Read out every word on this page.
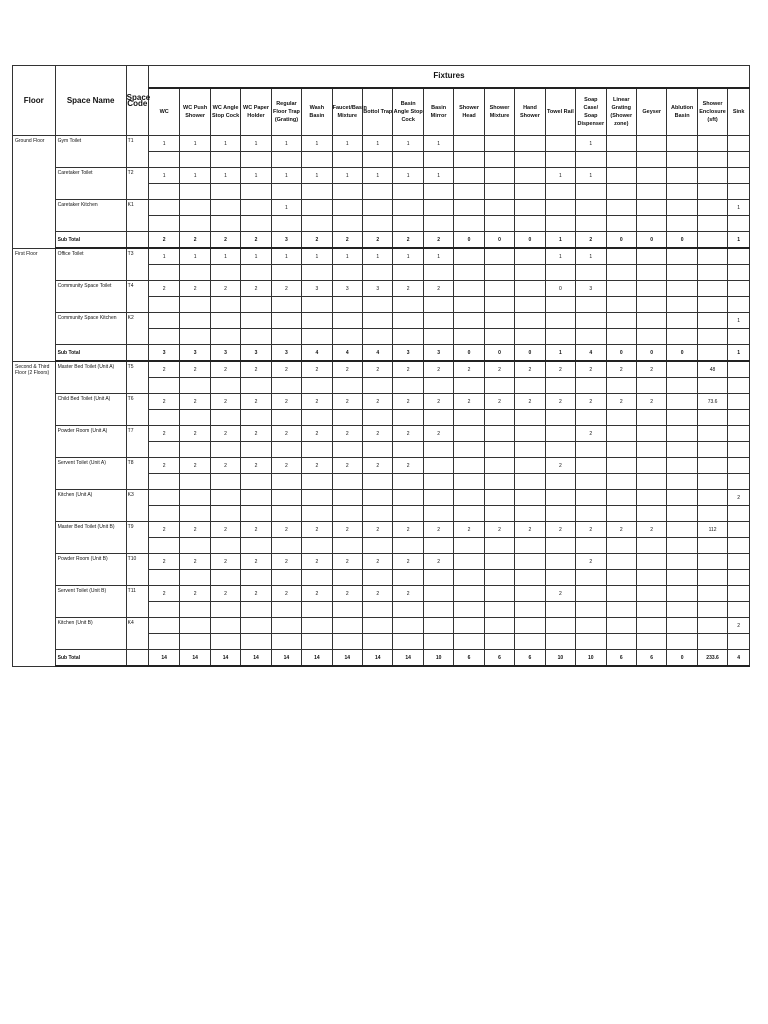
Floor	Space Name	Space Code	Fixtures																			
			WC	WC Push Shower	WC Angle Stop Cock	WC Paper Holder	Regular Floor Trap (Grating)	Wash Basin	Faucet/Basin Mixture	Bottol Trap	Basin Angle Stop Cock	Basin Mirror	Shower Head	Shower Mixture	Hand Shower	Towel Rail	Soap Case/ Soap Dispenser	Linear Grating (Shower zone)	Geyser	Ablution Basin	Shower Enclosure (sft)	Sink
Ground Floor	Gym Toilet	T1	1	1	1	1	1	1	1	1	1	1					1					

	Caretaker Toilet	T2	1	1	1	1	1	1	1	1	1	1				1	1					

	Caretaker Kitchen	K1					1															1

	Sub Total		2	2	2	2	3	2	2	2	2	2	0	0	0	1	2	0	0	0		1
First Floor	Office Toilet	T3	1	1	1	1	1	1	1	1	1	1				1	1					

	Community Space Toilet	T4	2	2	2	2	2	3	3	3	2	2				0	3					

	Community Space Kitchen	K2																				1

	Sub Total		3	3	3	3	3	4	4	4	3	3	0	0	0	1	4	0	0	0		1
Second & Third Floor (2 Floors)	Master Bed Toilet (Unit A)	T5	2	2	2	2	2	2	2	2	2	2	2	2	2	2	2	2	2		48	

	Child Bed Toilet (Unit A)	T6	2	2	2	2	2	2	2	2	2	2	2	2	2	2	2	2	2		73.6	

	Powder Room (Unit A)	T7	2	2	2	2	2	2	2	2	2	2					2					

	Servent Toilet (Unit A)	T8	2	2	2	2	2	2	2	2	2					2						

	Kitchen (Unit A)	K3																				2

	Master Bed Toilet (Unit B)	T9	2	2	2	2	2	2	2	2	2	2	2	2	2	2	2	2	2		112	

	Powder Room (Unit B)	T10	2	2	2	2	2	2	2	2	2	2					2					

	Servent Toilet (Unit B)	T11	2	2	2	2	2	2	2	2	2					2						

	Kitchen (Unit B)	K4																				2

	Sub Total		14	14	14	14	14	14	14	14	14	10	6	6	6	10	10	6	6	0	233.6	4
